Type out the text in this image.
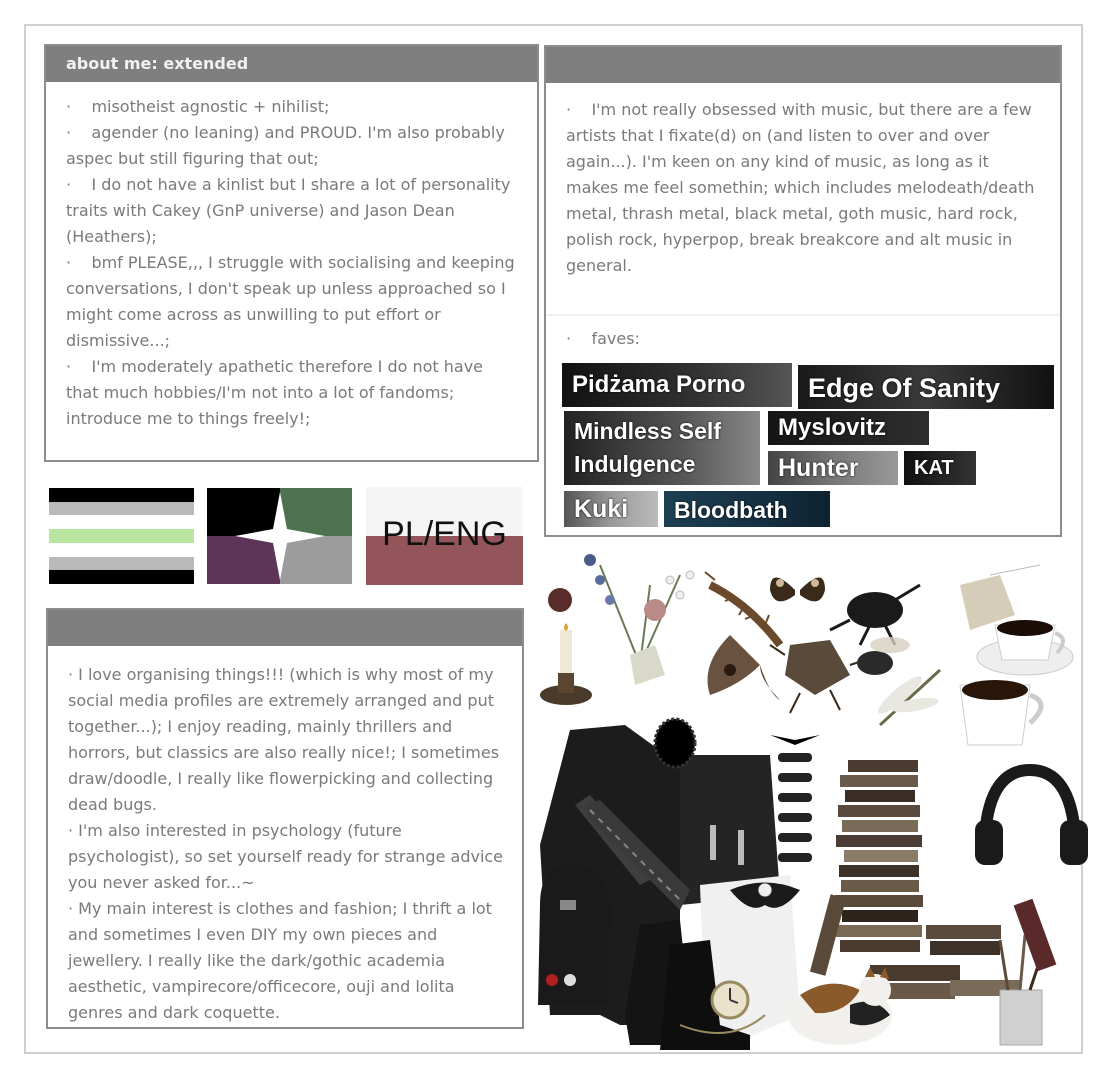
about me: extended

· misotheist agnostic + nihilist;

· agender (no leaning) and PROUD. I'm also probably aspec but still figuring that out;

· I do not have a kinlist but I share a lot of personality traits with Cakey (GnP universe) and Jason Dean (Heathers);

· bmf PLEASE,,, I struggle with socialising and keeping conversations, I don't speak up unless approached so I might come across as unwilling to put effort or dismissive...;

· I'm moderately apathetic therefore I do not have that much hobbies/I'm not into a lot of fandoms; introduce me to things freely!;

·    I'm not really obsessed with music, but there are a few artists that I fixate(d) on (and listen to over and over again...). I'm keen on any kind of music, as long as it makes me feel somethin; which includes melodeath/death metal, thrash metal, black metal, goth music, hard rock, polish rock, hyperpop, break breakcore and alt music in general.

·    faves:
Pidżama Porno	Edge Of Sanity
Mindless Self Indulgence
Myslovitz
Hunter	KAT
Kuki	Bloodbath
PL/ENG

· I love organising things!!! (which is why most of my social media profiles are extremely arranged and put together...); I enjoy reading, mainly thrillers and horrors, but classics are also really nice!; I sometimes draw/doodle, I really like flowerpicking and collecting dead bugs.

· I'm also interested in psychology (future psychologist), so set yourself ready for strange advice you never asked for...~

· My main interest is clothes and fashion; I thrift a lot and sometimes I even DIY my own pieces and jewellery. I really like the dark/gothic academia aesthetic, vampirecore/officecore, ouji and lolita genres and dark coquette.
